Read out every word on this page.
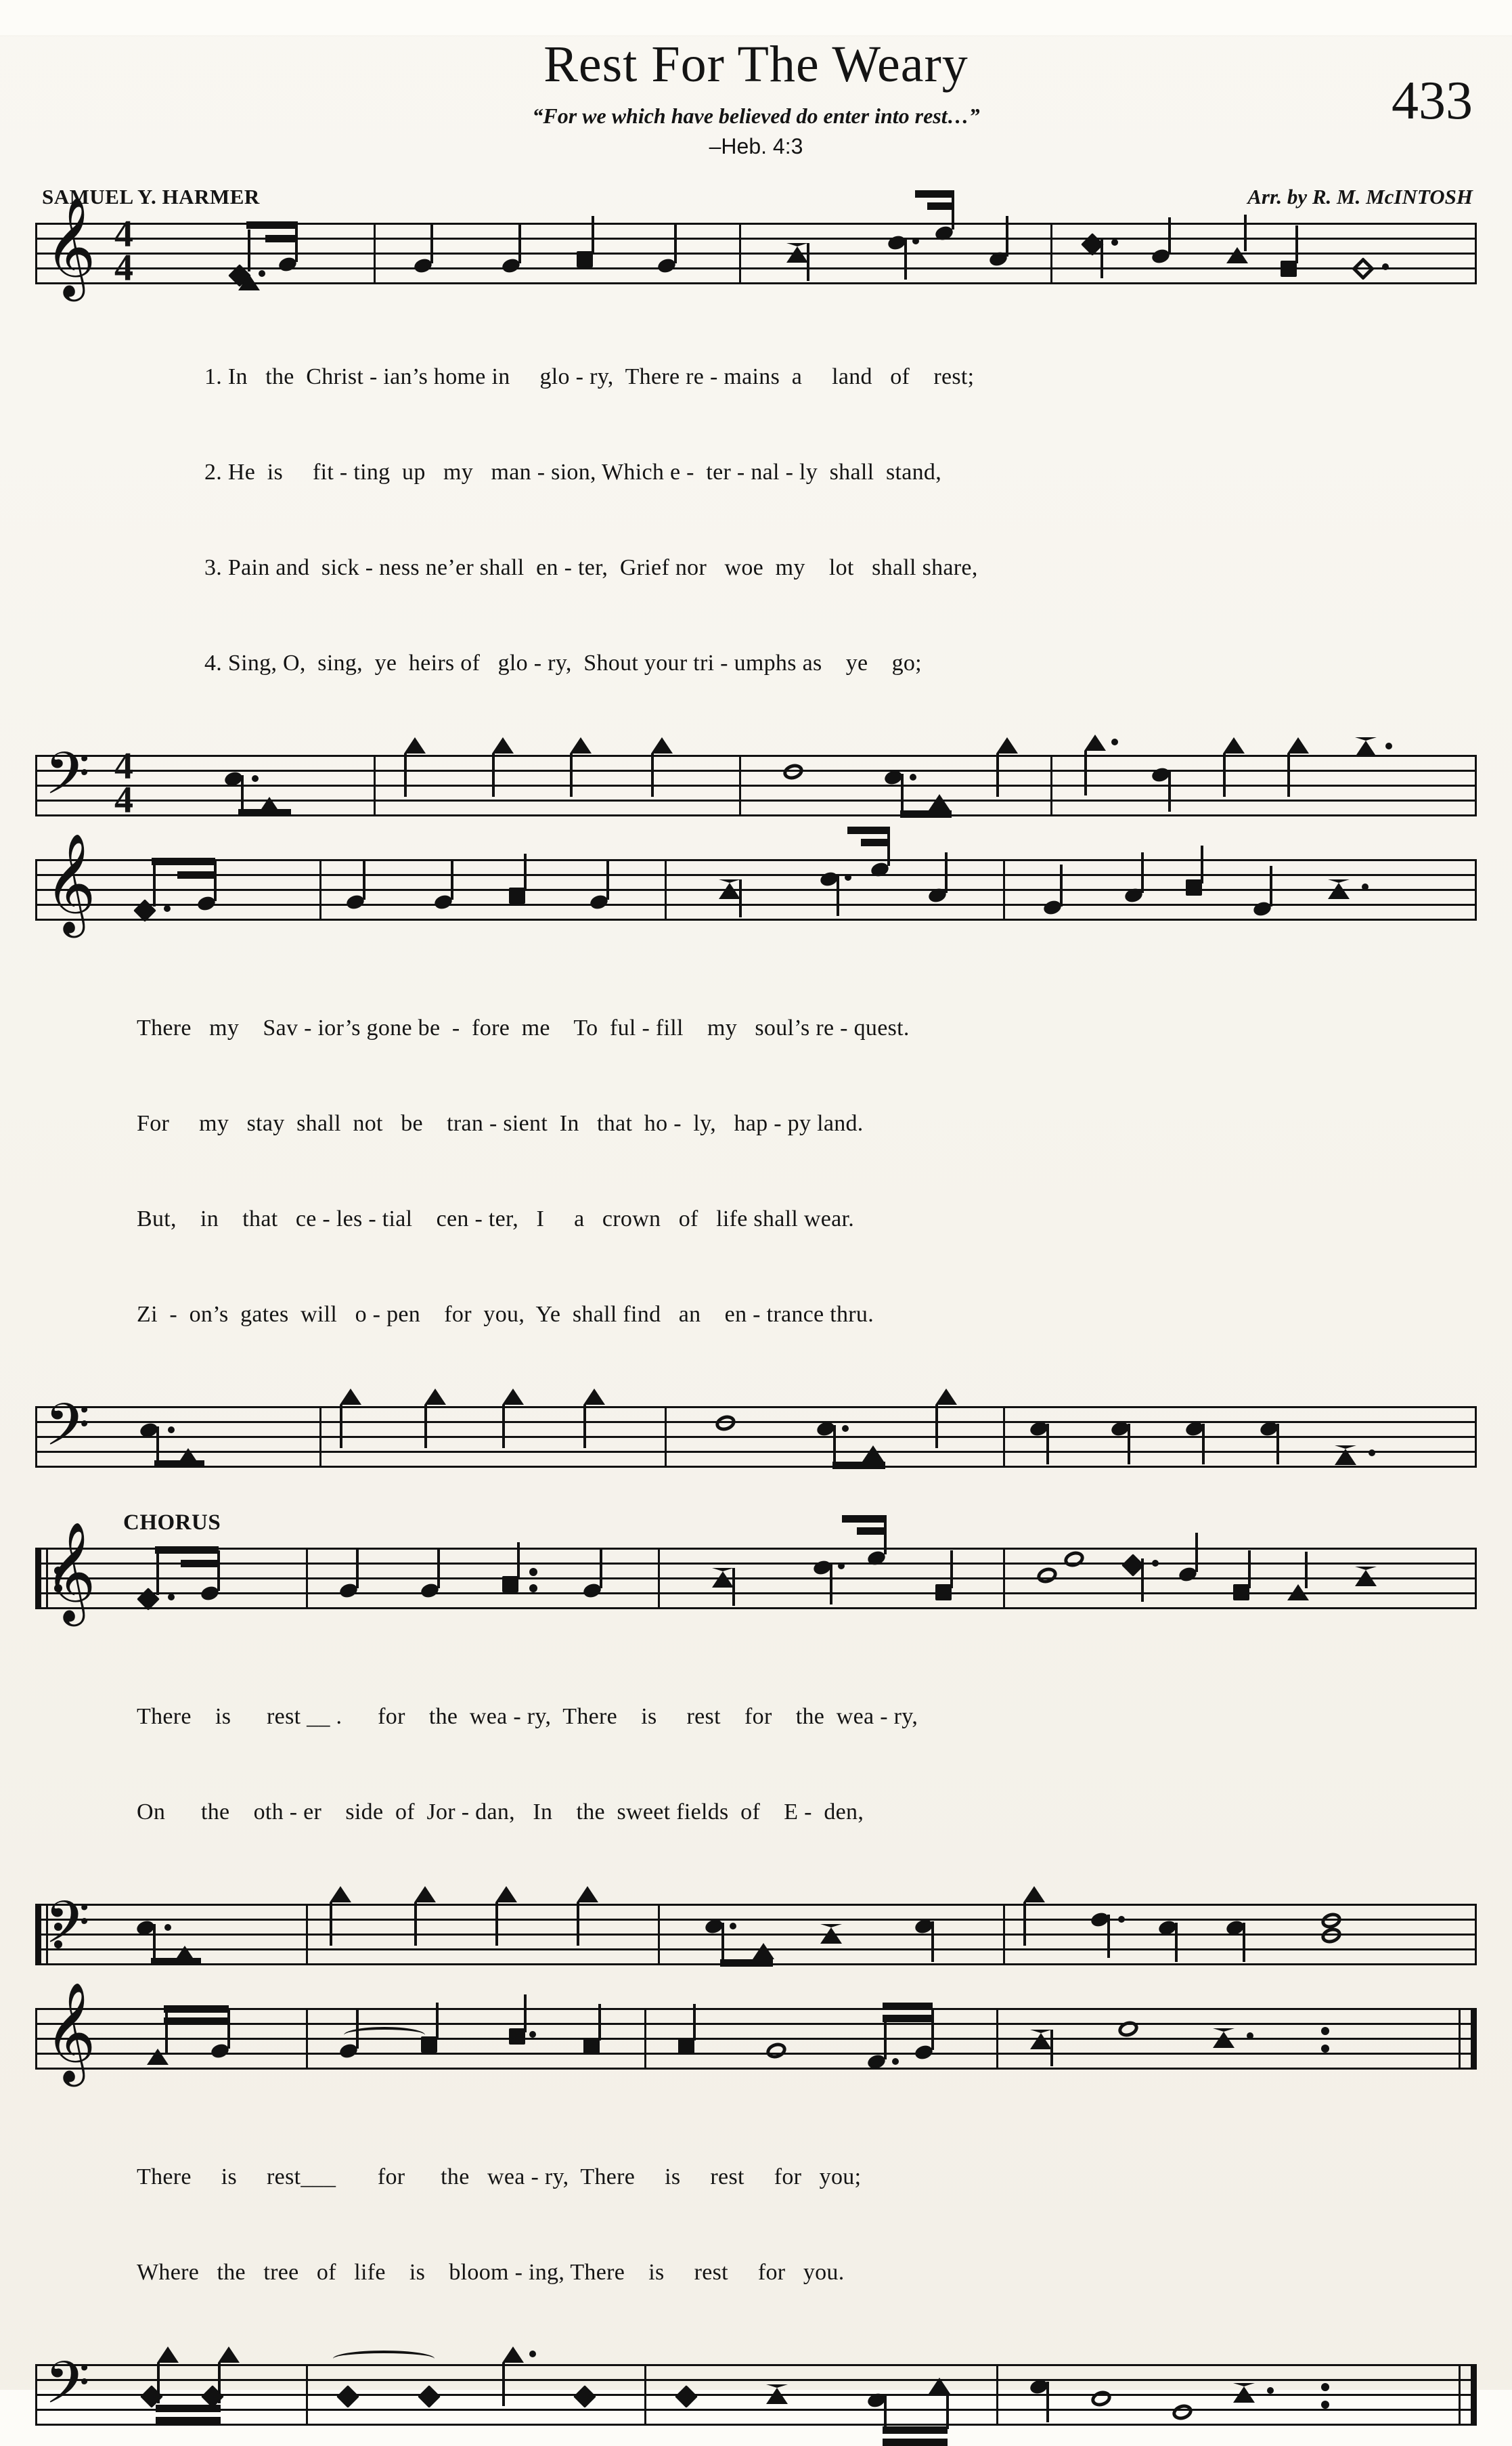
433
Rest For The Weary
“For we which have believed do enter into rest…”
–Heb. 4:3
SAMUEL Y. HARMER	Arr. by R. M. McINTOSH
𝄞 4
4

1. In   the  Christ - ian’s home in     glo - ry,  There re - mains  a     land   of    rest;

2. He  is     fit - ting  up   my   man - sion, Which e -  ter - nal - ly  shall  stand,

3. Pain and  sick - ness ne’er shall  en - ter,  Grief nor   woe  my    lot   shall share,

4. Sing, O,  sing,  ye  heirs of   glo - ry,  Shout your tri - umphs as    ye    go;

𝄢 4
4
𝄞

There   my    Sav - ior’s gone be  -  fore  me    To  ful - fill    my   soul’s re - quest.

For     my   stay  shall  not   be    tran - sient  In   that  ho -  ly,   hap - py land.

But,    in    that   ce - les - tial    cen - ter,   I     a   crown   of   life shall wear.

Zi  -  on’s  gates  will   o - pen    for  you,  Ye  shall find   an    en - trance thru.

𝄢
CHORUS
𝄞

There    is      rest __ .      for    the  wea - ry,  There    is     rest    for    the  wea - ry,

On      the    oth - er    side  of  Jor - dan,   In    the  sweet fields  of    E -  den,

𝄢
𝄞

There     is     rest___       for      the   wea - ry,  There     is     rest     for   you;

Where   the   tree   of   life    is    bloom - ing, There    is     rest     for   you.

𝄢
